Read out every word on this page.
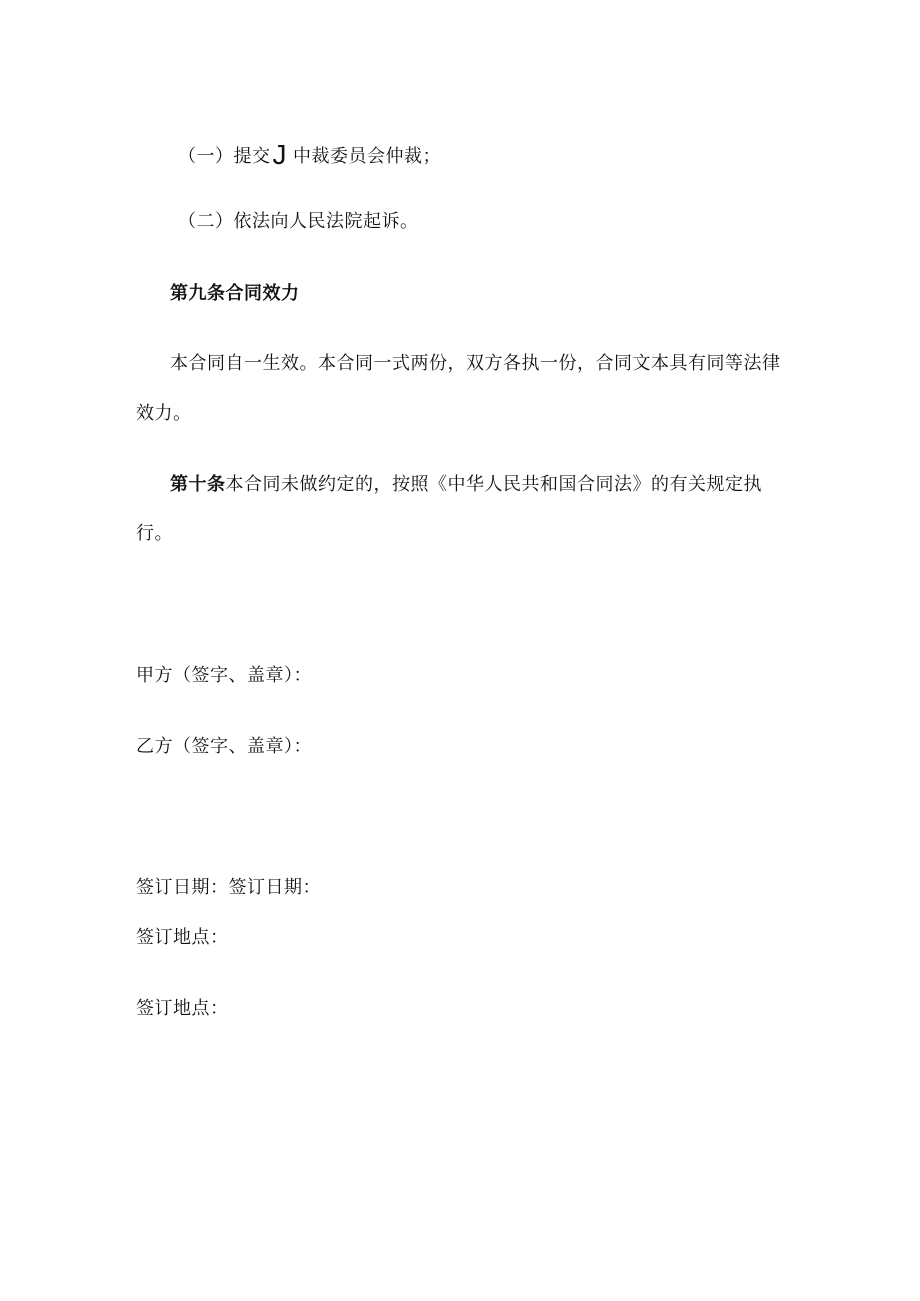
（一）提交J 中裁委员会仲裁；
（二）依法向人民法院起诉。
第九条合同效力
本合同自一生效。本合同一式两份，双方各执一份，合同文本具有同等法律
效力。
第十条本合同未做约定的，按照《中华人民共和国合同法》的有关规定执
行。
甲方（签字、盖章）：
乙方（签字、盖章）：
签订日期：签订日期：
签订地点：
签订地点：
